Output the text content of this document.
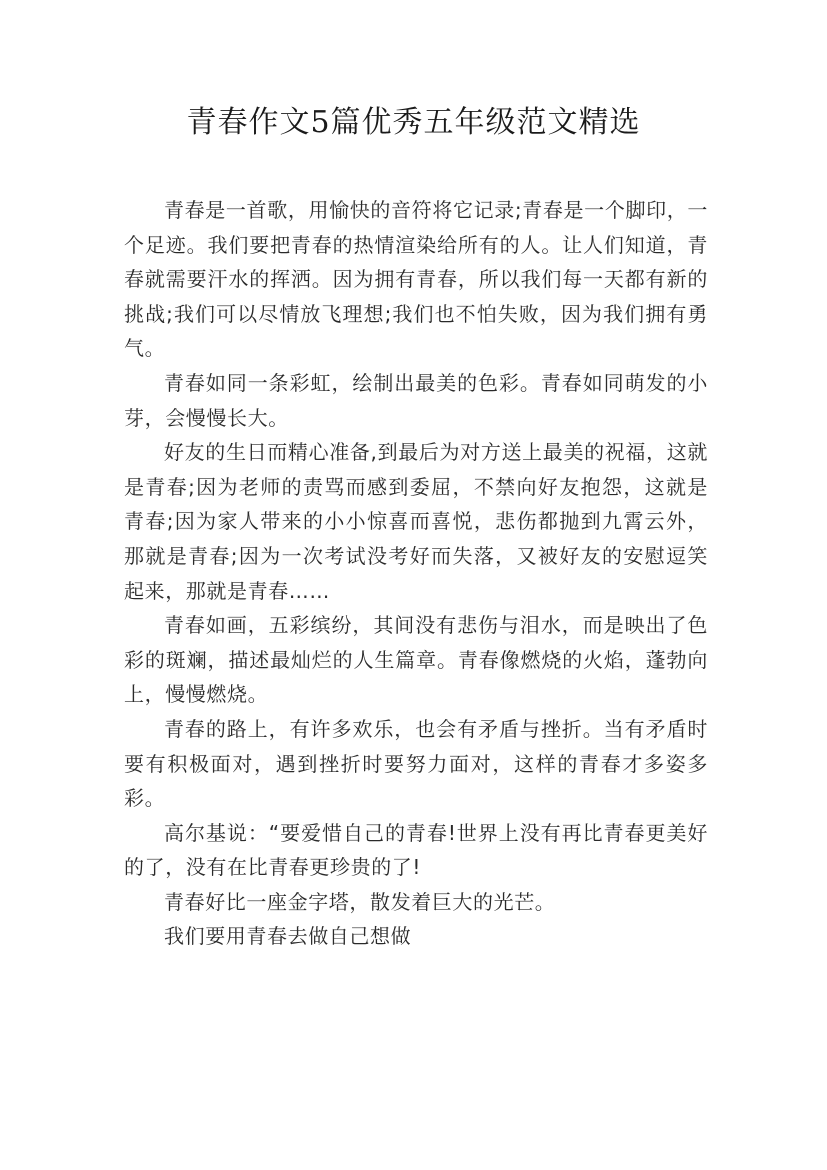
青春作文5篇优秀五年级范文精选

青春是一首歌，用愉快的音符将它记录;青春是一个脚印，一个足迹。我们要把青春的热情渲染给所有的人。让人们知道，青春就需要汗水的挥洒。因为拥有青春，所以我们每一天都有新的挑战;我们可以尽情放飞理想;我们也不怕失败，因为我们拥有勇气。

青春如同一条彩虹，绘制出最美的色彩。青春如同萌发的小芽，会慢慢长大。

好友的生日而精心准备,到最后为对方送上最美的祝福，这就是青春;因为老师的责骂而感到委屈，不禁向好友抱怨，这就是青春;因为家人带来的小小惊喜而喜悦，悲伤都抛到九霄云外，那就是青春;因为一次考试没考好而失落，又被好友的安慰逗笑起来，那就是青春……

青春如画，五彩缤纷，其间没有悲伤与泪水，而是映出了色彩的斑斓，描述最灿烂的人生篇章。青春像燃烧的火焰，蓬勃向上，慢慢燃烧。

青春的路上，有许多欢乐，也会有矛盾与挫折。当有矛盾时要有积极面对，遇到挫折时要努力面对，这样的青春才多姿多彩。

高尔基说：“要爱惜自己的青春!世界上没有再比青春更美好的了，没有在比青春更珍贵的了!

青春好比一座金字塔，散发着巨大的光芒。

我们要用青春去做自己想做
